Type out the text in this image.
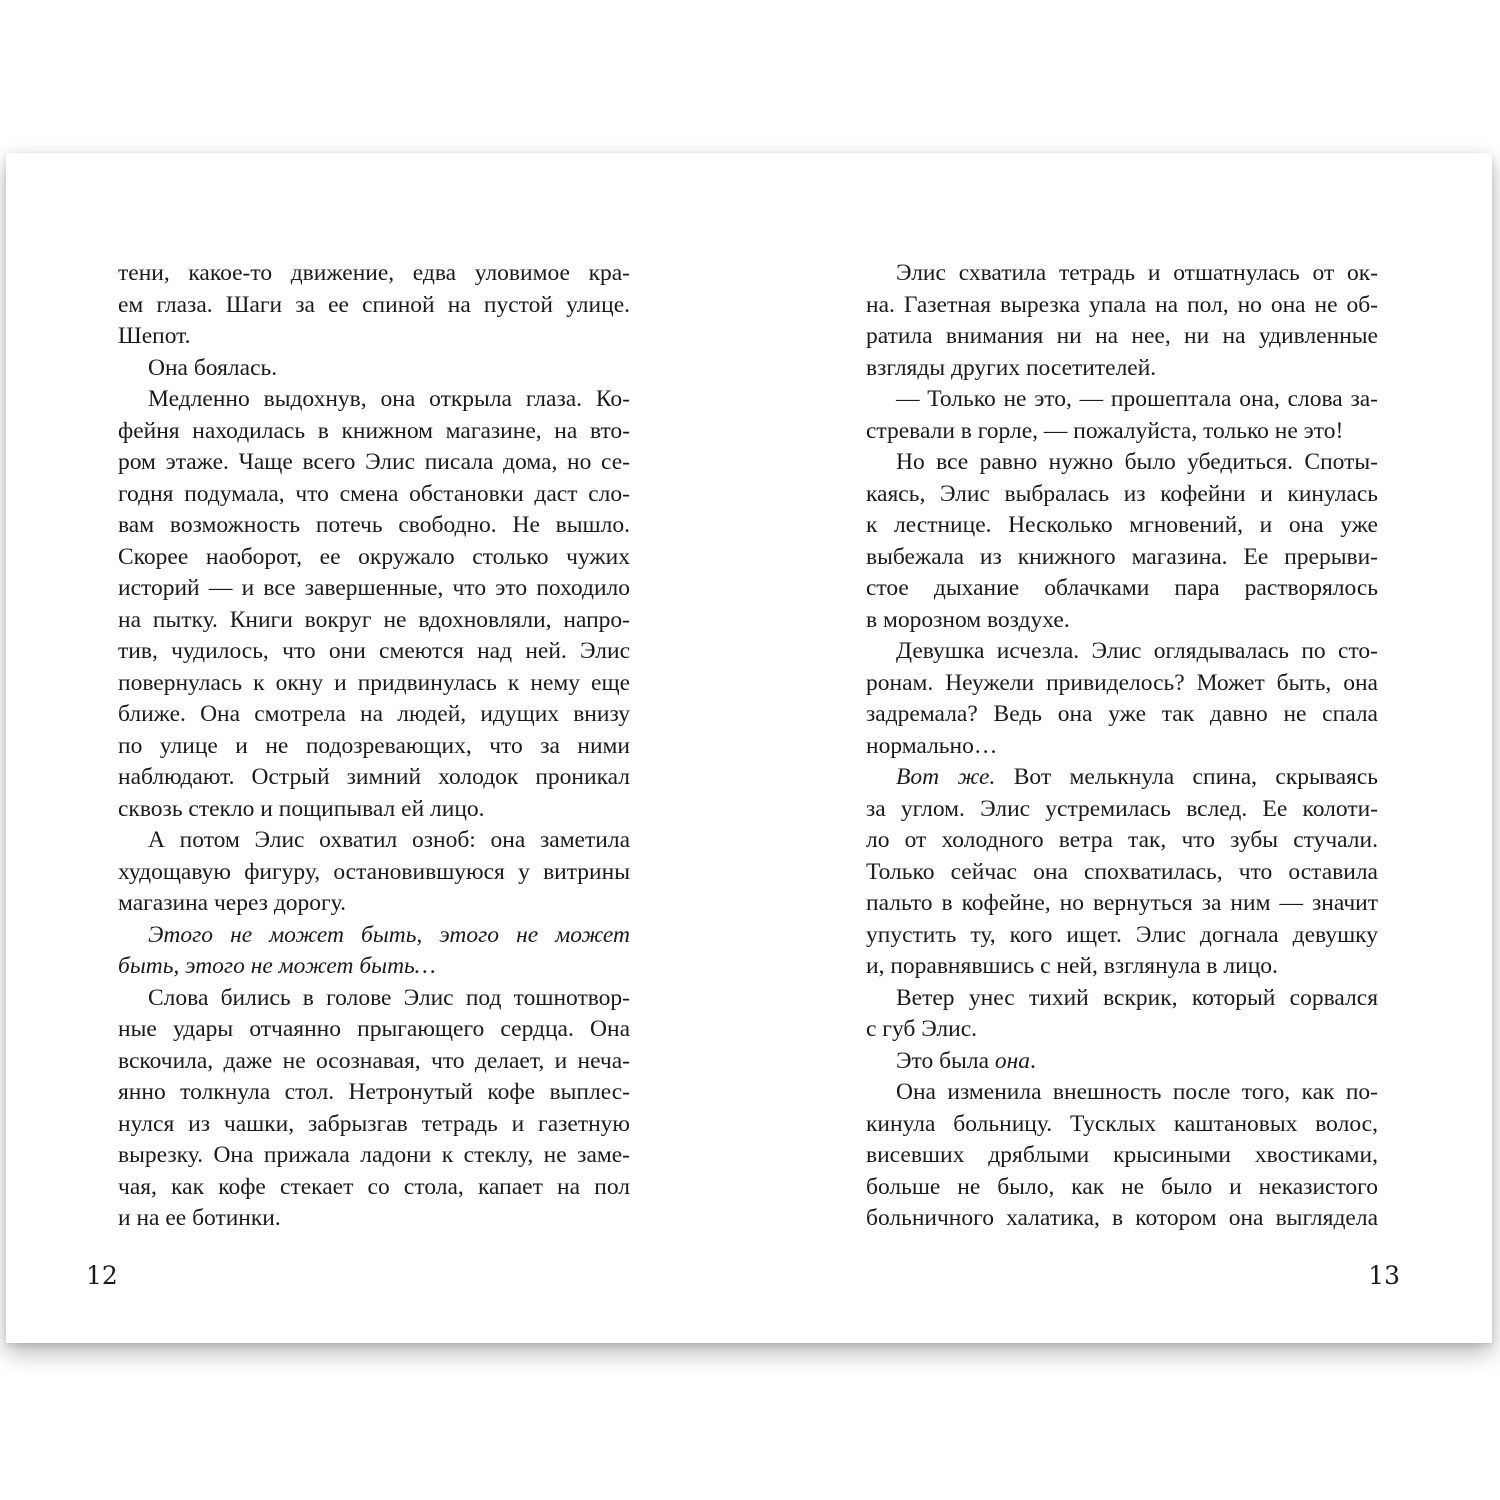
тени, какое-то движение, едва уловимое кра-
ем глаза. Шаги за ее спиной на пустой улице.
Шепот.
Она боялась.
Медленно выдохнув, она открыла глаза. Ко-
фейня находилась в книжном магазине, на вто-
ром этаже. Чаще всего Элис писала дома, но се-
годня подумала, что смена обстановки даст сло-
вам возможность потечь свободно. Не вышло.
Скорее наоборот, ее окружало столько чужих
историй — и все завершенные, что это походило
на пытку. Книги вокруг не вдохновляли, напро-
тив, чудилось, что они смеются над ней. Элис
повернулась к окну и придвинулась к нему еще
ближе. Она смотрела на людей, идущих внизу
по улице и не подозревающих, что за ними
наблюдают. Острый зимний холодок проникал
сквозь стекло и пощипывал ей лицо.
А потом Элис охватил озноб: она заметила
худощавую фигуру, остановившуюся у витрины
магазина через дорогу.
Этого не может быть, этого не может
быть, этого не может быть…
Слова бились в голове Элис под тошнотвор-
ные удары отчаянно прыгающего сердца. Она
вскочила, даже не осознавая, что делает, и неча-
янно толкнула стол. Нетронутый кофе выплес-
нулся из чашки, забрызгав тетрадь и газетную
вырезку. Она прижала ладони к стеклу, не заме-
чая, как кофе стекает со стола, капает на пол
и на ее ботинки.
12
Элис схватила тетрадь и отшатнулась от ок-
на. Газетная вырезка упала на пол, но она не об-
ратила внимания ни на нее, ни на удивленные
взгляды других посетителей.
— Только не это, — прошептала она, слова за-
стревали в горле, — пожалуйста, только не это!
Но все равно нужно было убедиться. Споты-
каясь, Элис выбралась из кофейни и кинулась
к лестнице. Несколько мгновений, и она уже
выбежала из книжного магазина. Ее прерыви-
стое дыхание облачками пара растворялось
в морозном воздухе.
Девушка исчезла. Элис оглядывалась по сто-
ронам. Неужели привиделось? Может быть, она
задремала? Ведь она уже так давно не спала
нормально…
Вот же. Вот мелькнула спина, скрываясь
за углом. Элис устремилась вслед. Ее колоти-
ло от холодного ветра так, что зубы стучали.
Только сейчас она спохватилась, что оставила
пальто в кофейне, но вернуться за ним — значит
упустить ту, кого ищет. Элис догнала девушку
и, поравнявшись с ней, взглянула в лицо.
Ветер унес тихий вскрик, который сорвался
с губ Элис.
Это была она.
Она изменила внешность после того, как по-
кинула больницу. Тусклых каштановых волос,
висевших дряблыми крысиными хвостиками,
больше не было, как не было и неказистого
больничного халатика, в котором она выглядела
13
